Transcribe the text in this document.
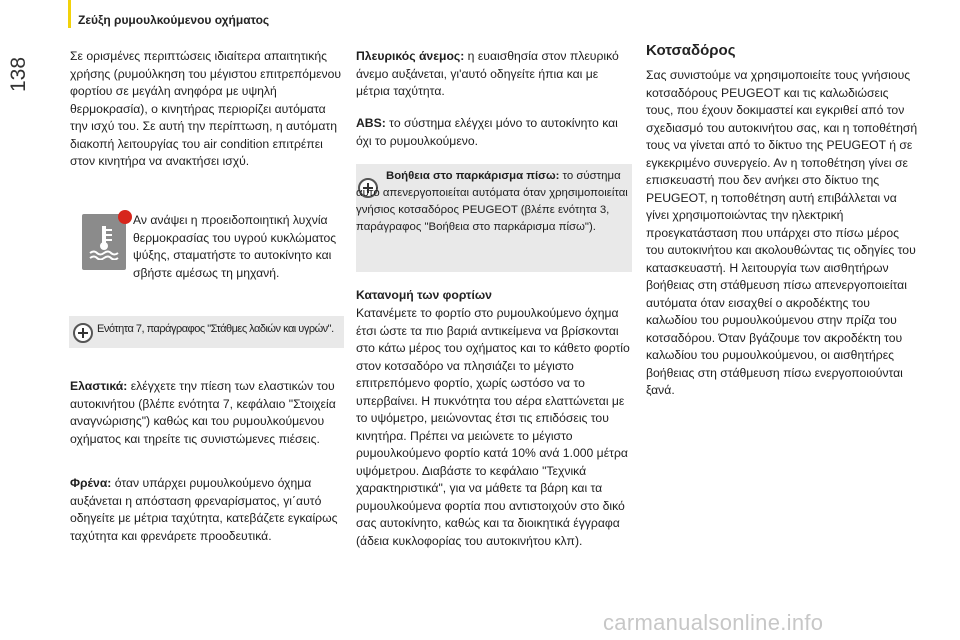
Ζεύξη ρυμουλκούμενου οχήματος
138
Σε ορισμένες περιπτώσεις ιδιαίτερα απαιτητικής χρήσης (ρυμούλκηση του μέγιστου επιτρεπόμενου φορτίου σε μεγάλη ανηφόρα με υψηλή θερμοκρασία), ο κινητήρας περιορίζει αυτόματα την ισχύ του. Σε αυτή την περίπτωση, η αυτόματη διακοπή λειτουργίας του air condition επιτρέπει στον κινητήρα να ανακτήσει ισχύ.
Αν ανάψει η προειδοποιητική λυχνία θερμοκρασίας του υγρού κυκλώματος ψύξης, σταματήστε το αυτοκίνητο και σβήστε αμέσως τη μηχανή.
Ενότητα 7, παράγραφος "Στάθμες λαδιών και υγρών".
Ελαστικά: ελέγχετε την πίεση των ελαστικών του αυτοκινήτου (βλέπε ενότητα 7, κεφάλαιο "Στοιχεία αναγνώρισης") καθώς και του ρυμουλκούμενου οχήματος και τηρείτε τις συνιστώμενες πιέσεις.
Φρένα: όταν υπάρχει ρυμουλκούμενο όχημα αυξάνεται η απόσταση φρεναρίσματος, γι΄αυτό οδηγείτε με μέτρια ταχύτητα, κατεβάζετε εγκαίρως ταχύτητα και φρενάρετε προοδευτικά.
Πλευρικός άνεμος: η ευαισθησία στον πλευρικό άνεμο αυξάνεται, γι'αυτό οδηγείτε ήπια και με μέτρια ταχύτητα.
ABS: το σύστημα ελέγχει μόνο το αυτοκίνητο και όχι το ρυμουλκούμενο.
Βοήθεια στο παρκάρισμα πίσω: το σύστημα αυτό απενεργοποιείται αυτόματα όταν χρησιμοποιείται γνήσιος κοτσαδόρος PEUGEOT (βλέπε ενότητα 3, παράγραφος "Βοήθεια στο παρκάρισμα πίσω").
Κατανομή των φορτίων
Κατανέμετε το φορτίο στο ρυμουλκούμενο όχημα έτσι ώστε τα πιο βαριά αντικείμενα να βρίσκονται στο κάτω μέρος του οχήματος και το κάθετο φορτίο στον κοτσαδόρο να πλησιάζει το μέγιστο επιτρεπόμενο φορτίο, χωρίς ωστόσο να το υπερβαίνει. Η πυκνότητα του αέρα ελαττώνεται με το υψόμετρο, μειώνοντας έτσι τις επιδόσεις του κινητήρα. Πρέπει να μειώνετε το μέγιστο ρυμουλκούμενο φορτίο κατά 10% ανά 1.000 μέτρα υψόμετρου. Διαβάστε το κεφάλαιο "Τεχνικά χαρακτηριστικά", για να μάθετε τα βάρη και τα ρυμουλκούμενα φορτία που αντιστοιχούν στο δικό σας αυτοκίνητο, καθώς και τα διοικητικά έγγραφα (άδεια κυκλοφορίας του αυτοκινήτου κλπ).
Κοτσαδόρος
Σας συνιστούμε να χρησιμοποιείτε τους γνήσιους κοτσαδόρους PEUGEOT και τις καλωδιώσεις τους, που έχουν δοκιμαστεί και εγκριθεί από τον σχεδιασμό του αυτοκινήτου σας, και η τοποθέτησή τους να γίνεται από το δίκτυο της PEUGEOT ή σε εγκεκριμένο συνεργείο. Αν η τοποθέτηση γίνει σε επισκευαστή που δεν ανήκει στο δίκτυο της PEUGEOT, η τοποθέτηση αυτή επιβάλλεται να γίνει χρησιμοποιώντας την ηλεκτρική προεγκατάσταση που υπάρχει στο πίσω μέρος του αυτοκινήτου και ακολουθώντας τις οδηγίες του κατασκευαστή. Η λειτουργία των αισθητήρων βοήθειας στη στάθμευση πίσω απενεργοποιείται αυτόματα όταν εισαχθεί ο ακροδέκτης του καλωδίου του ρυμουλκούμενου στην πρίζα του κοτσαδόρου. Όταν βγάζουμε τον ακροδέκτη του καλωδίου του ρυμουλκούμενου, οι αισθητήρες βοήθειας στη στάθμευση πίσω ενεργοποιούνται ξανά.
carmanualsonline.info
